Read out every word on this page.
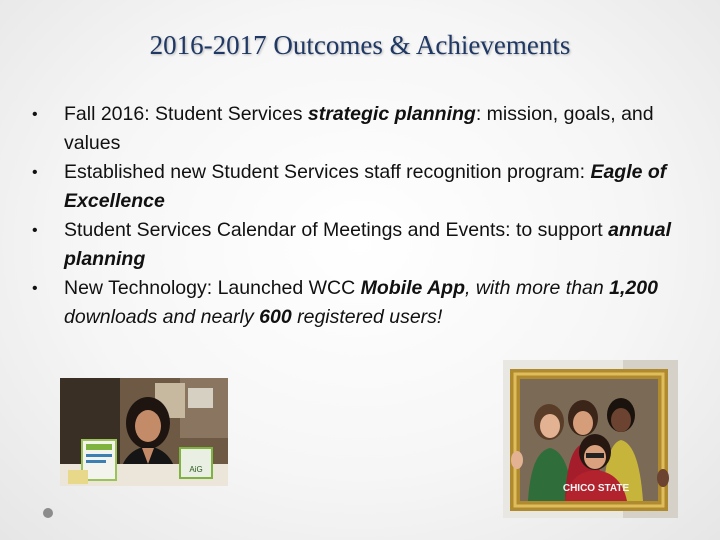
2016-2017 Outcomes & Achievements
• Fall 2016: Student Services strategic planning: mission, goals, and values
• Established new Student Services staff recognition program: Eagle of Excellence
• Student Services Calendar of Meetings and Events: to support annual planning
• New Technology: Launched WCC Mobile App, with more than 1,200 downloads and nearly 600 registered users!
AiG
CHICO STATE
